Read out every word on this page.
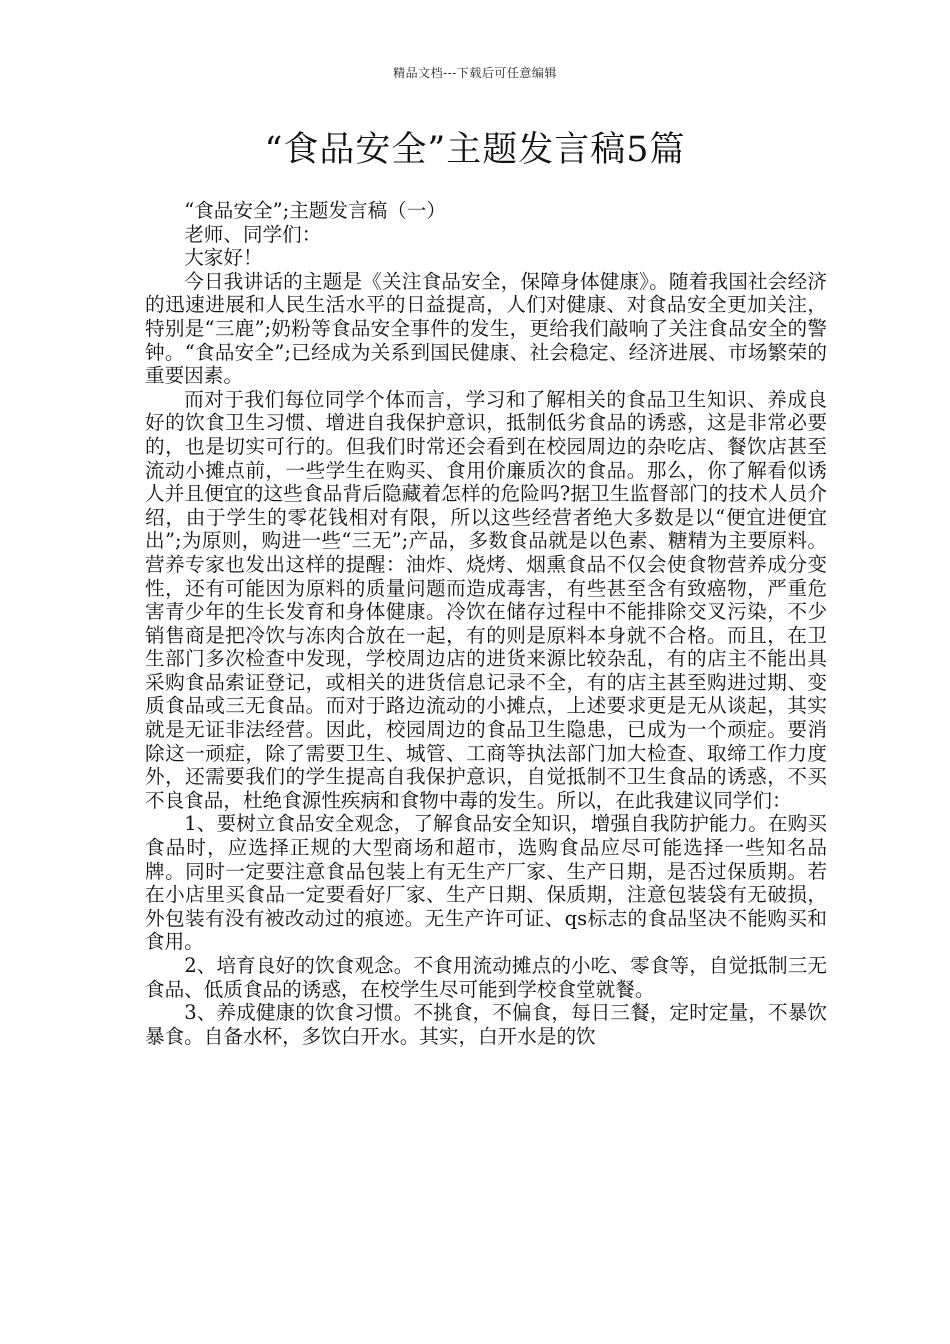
精品文档---下载后可任意编辑
“食品安全”主题发言稿5篇

“食品安全”;主题发言稿（一）

老师、同学们：

大家好！

今日我讲话的主题是《关注食品安全，保障身体健康》。随着我国社会经济的迅速进展和人民生活水平的日益提高，人们对健康、对食品安全更加关注，特别是“三鹿”;奶粉等食品安全事件的发生，更给我们敲响了关注食品安全的警钟。“食品安全”;已经成为关系到国民健康、社会稳定、经济进展、市场繁荣的重要因素。

而对于我们每位同学个体而言，学习和了解相关的食品卫生知识、养成良好的饮食卫生习惯、增进自我保护意识，抵制低劣食品的诱惑，这是非常必要的，也是切实可行的。但我们时常还会看到在校园周边的杂吃店、餐饮店甚至流动小摊点前，一些学生在购买、食用价廉质次的食品。那么，你了解看似诱人并且便宜的这些食品背后隐藏着怎样的危险吗?据卫生监督部门的技术人员介绍，由于学生的零花钱相对有限，所以这些经营者绝大多数是以“便宜进便宜出”;为原则，购进一些“三无”;产品，多数食品就是以色素、糖精为主要原料。营养专家也发出这样的提醒：油炸、烧烤、烟熏食品不仅会使食物营养成分变性，还有可能因为原料的质量问题而造成毒害，有些甚至含有致癌物，严重危害青少年的生长发育和身体健康。冷饮在储存过程中不能排除交叉污染，不少销售商是把冷饮与冻肉合放在一起，有的则是原料本身就不合格。而且，在卫生部门多次检查中发现，学校周边店的进货来源比较杂乱，有的店主不能出具采购食品索证登记，或相关的进货信息记录不全，有的店主甚至购进过期、变质食品或三无食品。而对于路边流动的小摊点，上述要求更是无从谈起，其实就是无证非法经营。因此，校园周边的食品卫生隐患，已成为一个顽症。要消除这一顽症，除了需要卫生、城管、工商等执法部门加大检查、取缔工作力度外，还需要我们的学生提高自我保护意识，自觉抵制不卫生食品的诱惑，不买不良食品，杜绝食源性疾病和食物中毒的发生。所以，在此我建议同学们：

1、要树立食品安全观念，了解食品安全知识，增强自我防护能力。在购买食品时，应选择正规的大型商场和超市，选购食品应尽可能选择一些知名品牌。同时一定要注意食品包装上有无生产厂家、生产日期，是否过保质期。若在小店里买食品一定要看好厂家、生产日期、保质期，注意包装袋有无破损，外包装有没有被改动过的痕迹。无生产许可证、qs标志的食品坚决不能购买和食用。

2、培育良好的饮食观念。不食用流动摊点的小吃、零食等，自觉抵制三无食品、低质食品的诱惑，在校学生尽可能到学校食堂就餐。

3、养成健康的饮食习惯。不挑食，不偏食，每日三餐，定时定量，不暴饮暴食。自备水杯，多饮白开水。其实，白开水是的饮
